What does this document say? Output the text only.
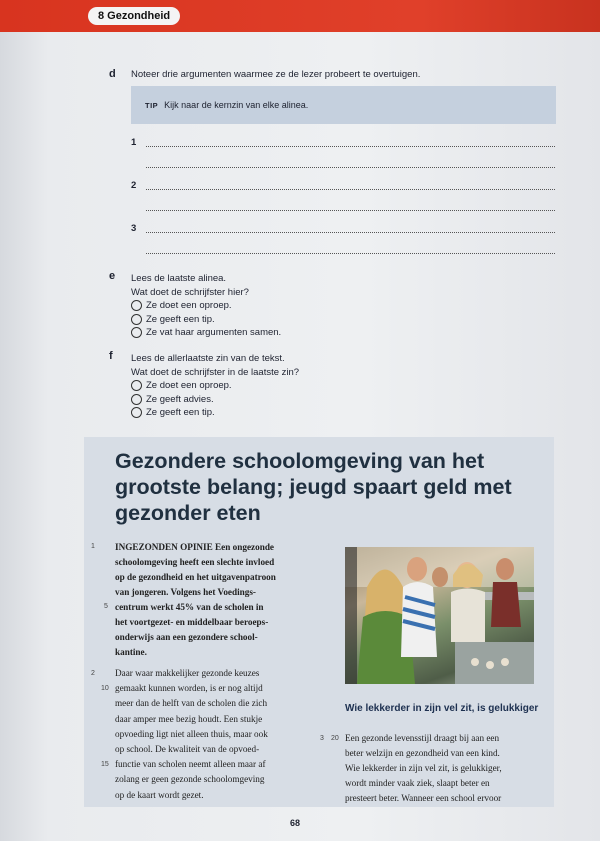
8 Gezondheid
d Noteer drie argumenten waarmee ze de lezer probeert te overtuigen.
TIP Kijk naar de kernzin van elke alinea.
1
2
3
e Lees de laatste alinea.
Wat doet de schrijfster hier?
Ze doet een oproep.
Ze geeft een tip.
Ze vat haar argumenten samen.
f Lees de allerlaatste zin van de tekst.
Wat doet de schrijfster in de laatste zin?
Ze doet een oproep.
Ze geeft advies.
Ze geeft een tip.
Gezondere schoolomgeving van het grootste belang; jeugd spaart geld met gezonder eten
1
5
INGEZONDEN OPINIE Een ongezonde
schoolomgeving heeft een slechte invloed
op de gezondheid en het uitgavenpatroon
van jongeren. Volgens het Voedings-
centrum werkt 45% van de scholen in
het voortgezet- en middelbaar beroeps-
onderwijs aan een gezondere school-
kantine.
2
10
15
Daar waar makkelijker gezonde keuzes
gemaakt kunnen worden, is er nog altijd
meer dan de helft van de scholen die zich
daar amper mee bezig houdt. Een stukje
opvoeding ligt niet alleen thuis, maar ook
op school. De kwaliteit van de opvoed-
functie van scholen neemt alleen maar af
zolang er geen gezonde schoolomgeving
op de kaart wordt gezet.
Wie lekkerder in zijn vel zit, is gelukkiger
3 20 Een gezonde levensstijl draagt bij aan een
beter welzijn en gezondheid van een kind.
Wie lekkerder in zijn vel zit, is gelukkiger,
wordt minder vaak ziek, slaapt beter en
presteert beter. Wanneer een school ervoor
68
